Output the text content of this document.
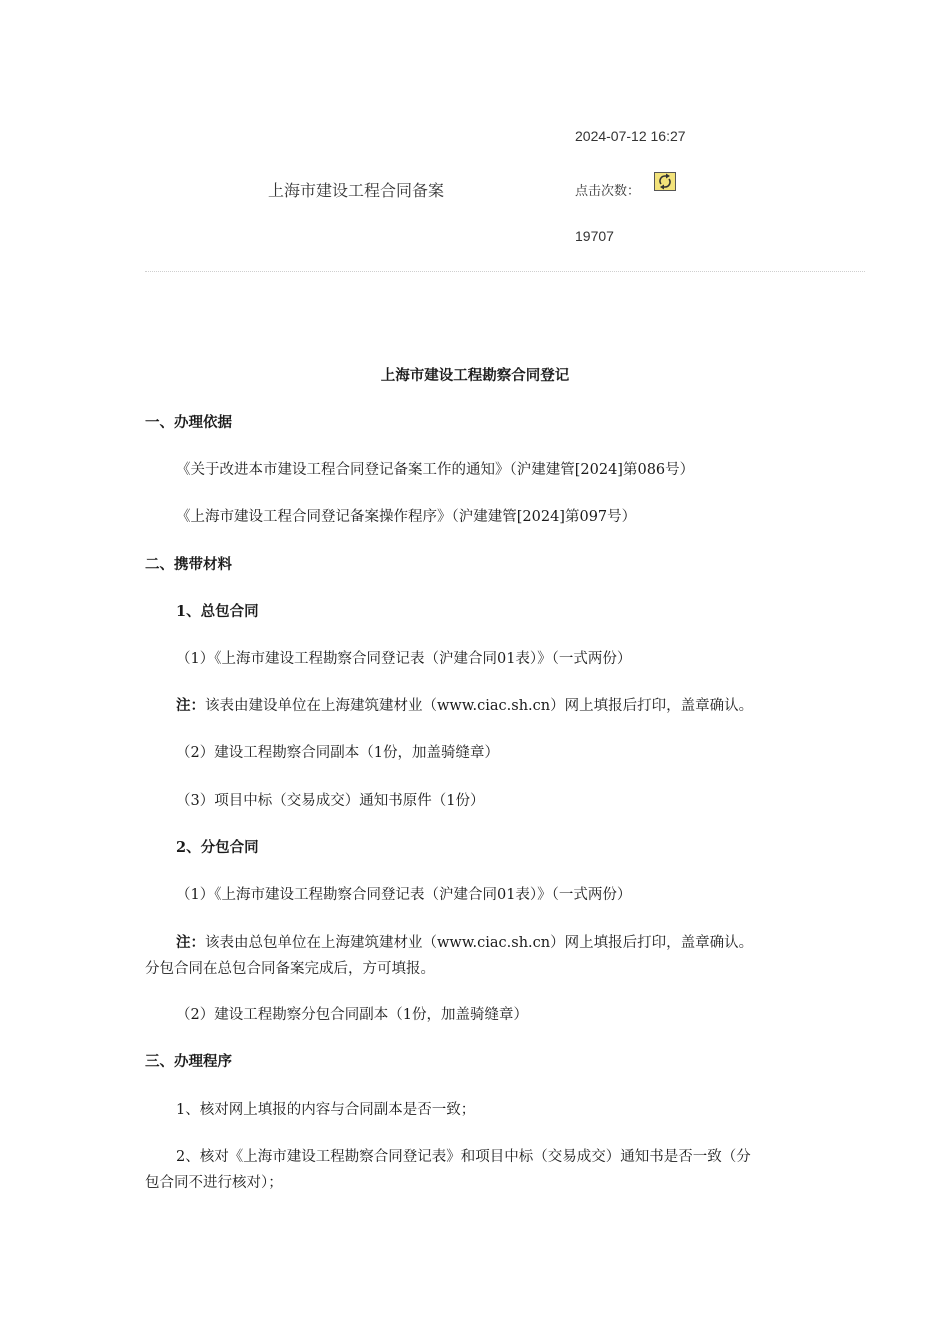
2024-07-12 16:27
上海市建设工程合同备案	点击次数：
19707
上海市建设工程勘察合同登记
一、办理依据
《关于改进本市建设工程合同登记备案工作的通知》（沪建建管[2024]第086号）
《上海市建设工程合同登记备案操作程序》（沪建建管[2024]第097号）
二、携带材料
1、总包合同
（1）《上海市建设工程勘察合同登记表（沪建合同01表）》（一式两份）
注：该表由建设单位在上海建筑建材业（www.ciac.sh.cn）网上填报后打印，盖章确认。
（2）建设工程勘察合同副本（1份，加盖骑缝章）
（3）项目中标（交易成交）通知书原件（1份）
2、分包合同
（1）《上海市建设工程勘察合同登记表（沪建合同01表）》（一式两份）
注：该表由总包单位在上海建筑建材业（www.ciac.sh.cn）网上填报后打印，盖章确认。
分包合同在总包合同备案完成后，方可填报。
（2）建设工程勘察分包合同副本（1份，加盖骑缝章）
三、办理程序
1、核对网上填报的内容与合同副本是否一致；
2、核对《上海市建设工程勘察合同登记表》和项目中标（交易成交）通知书是否一致（分
包合同不进行核对）；
